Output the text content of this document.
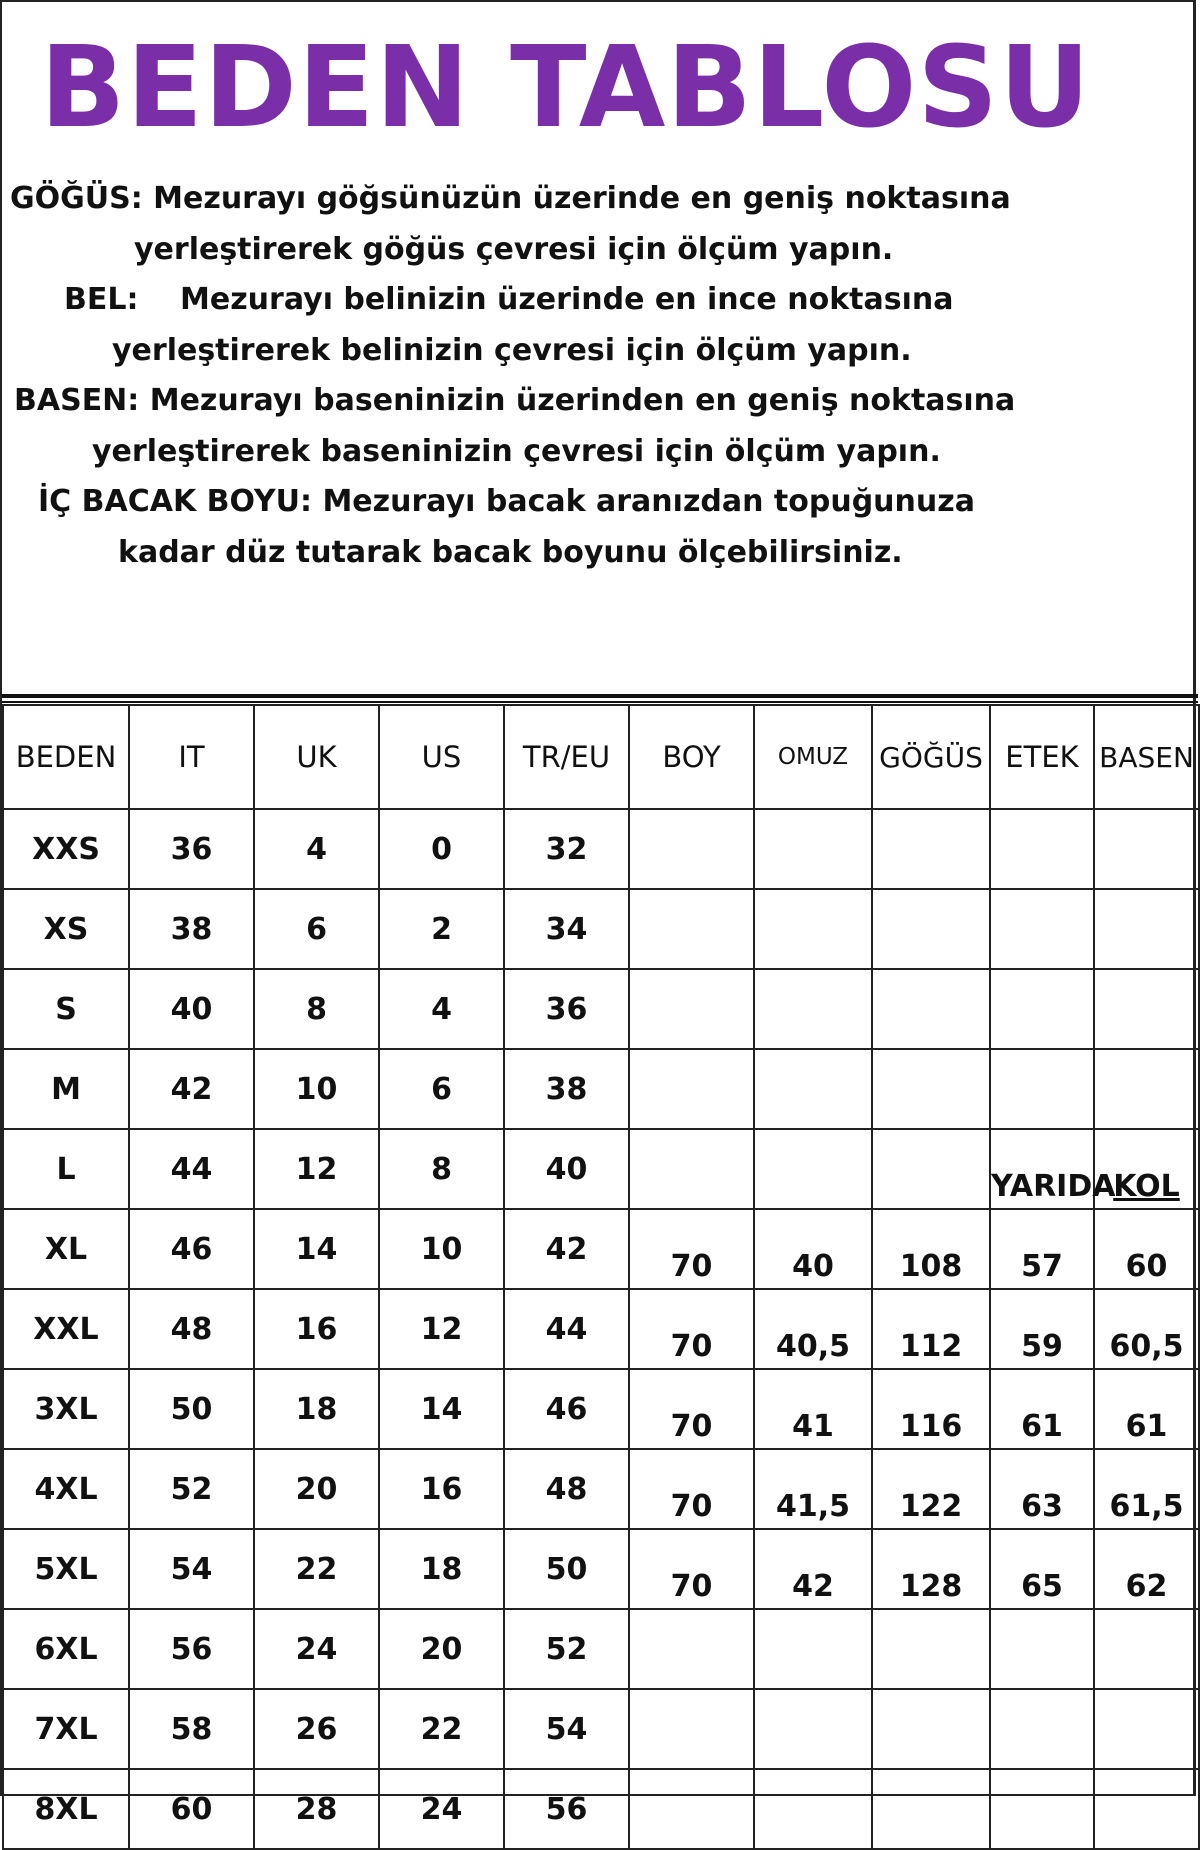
BEDEN TABLOSU
GÖĞÜS: Mezurayı göğsünüzün üzerinde en geniş noktasına
yerleştirerek göğüs çevresi için ölçüm yapın.
BEL: Mezurayı belinizin üzerinde en ince noktasına
yerleştirerek belinizin çevresi için ölçüm yapın.
BASEN: Mezurayı baseninizin üzerinden en geniş noktasına
yerleştirerek baseninizin çevresi için ölçüm yapın.
İÇ BACAK BOYU: Mezurayı bacak aranızdan topuğunuza
kadar düz tutarak bacak boyunu ölçebilirsiniz.
BEDEN	IT	UK	US	TR/EU	BOY	OMUZ	GÖĞÜS	ETEK	BASEN
XXS	36	4	0	32					
XS	38	6	2	34					
S	40	8	4	36					
M	42	10	6	38					
L	44	12	8	40				YARIDA	KOL
XL	46	14	10	42	70	40	108	57	60
XXL	48	16	12	44	70	40,5	112	59	60,5
3XL	50	18	14	46	70	41	116	61	61
4XL	52	20	16	48	70	41,5	122	63	61,5
5XL	54	22	18	50	70	42	128	65	62
6XL	56	24	20	52					
7XL	58	26	22	54					
8XL	60	28	24	56					
